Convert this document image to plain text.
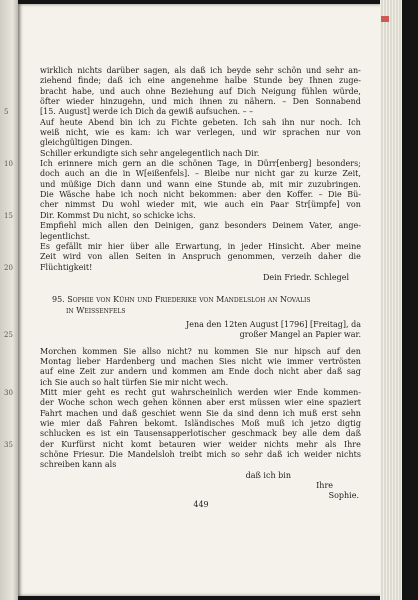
wirklich nichts darüber sagen, als daß ich beyde sehr schön und sehr an-
ziehend finde; daß ich eine angenehme halbe Stunde bey Ihnen zuge-
bracht habe, und auch ohne Beziehung auf Dich Neigung fühlen würde,
öfter wieder hinzugehn, und mich ihnen zu nähern. – Den Sonnabend
5	[15. August] werde ich Dich da gewiß aufsuchen. – –
Auf heute Abend bin ich zu Fichte gebeten. Ich sah ihn nur noch. Ich
weiß nicht, wie es kam: ich war verlegen, und wir sprachen nur von
gleichgültigen Dingen.
Schiller erkundigte sich sehr angelegentlich nach Dir.
10	Ich erinnere mich gern an die schönen Tage, in Dürr[enberg] besonders;
doch auch an die in W[eißenfels]. – Bleibe nur nicht gar zu kurze Zeit,
und müßige Dich dann und wann eine Stunde ab, mit mir zuzubringen.
Die Wäsche habe ich noch nicht bekommen: aber den Koffer. – Die Bü-
cher nimmst Du wohl wieder mit, wie auch ein Paar Str[ümpfe] von
15	Dir. Kommst Du nicht, so schicke ichs.
Empfiehl mich allen den Deinigen, ganz besonders Deinem Vater, ange-
legentlichst.
Es gefällt mir hier über alle Erwartung, in jeder Hinsicht. Aber meine
Zeit wird von allen Seiten in Anspruch genommen, verzeih daher die
20	Flüchtigkeit!
Dein Friedr. Schlegel
95. Sophie von Kühn und Friederike von Mandelsloh an Novalis
in Weissenfels
Jena den 12ten August [1796] [Freitag], da
25	großer Mangel an Papier war.
Morchen kommen Sie allso nicht? nu kommen Sie nur hipsch auf den
Montag lieber Hardenberg und machen Sies nicht wie immer vertrösten
auf eine Zeit zur andern und kommen am Ende doch nicht aber daß sag
ich Sie auch so halt türfen Sie mir nicht wech.
30	Mitt mier geht es recht gut wahrscheinlich werden wier Ende kommen-
der Woche schon wech gehen können aber erst müssen wier eine spaziert
Fahrt machen und daß geschiet wenn Sie da sind denn ich muß erst sehn
wie mier daß Fahren bekomt. Isländisches Moß muß ich jetzo digtig
schlucken es ist ein Tausensapperlotischer geschmack bey alle dem daß
35	der Kurfürst nicht komt betauren wier weider nichts mehr als Ihre
schöne Friesur. Die Mandelsloh treibt mich so sehr daß ich weider nichts
schreiben kann als
daß ich bin
Ihre
Sophie.
449
